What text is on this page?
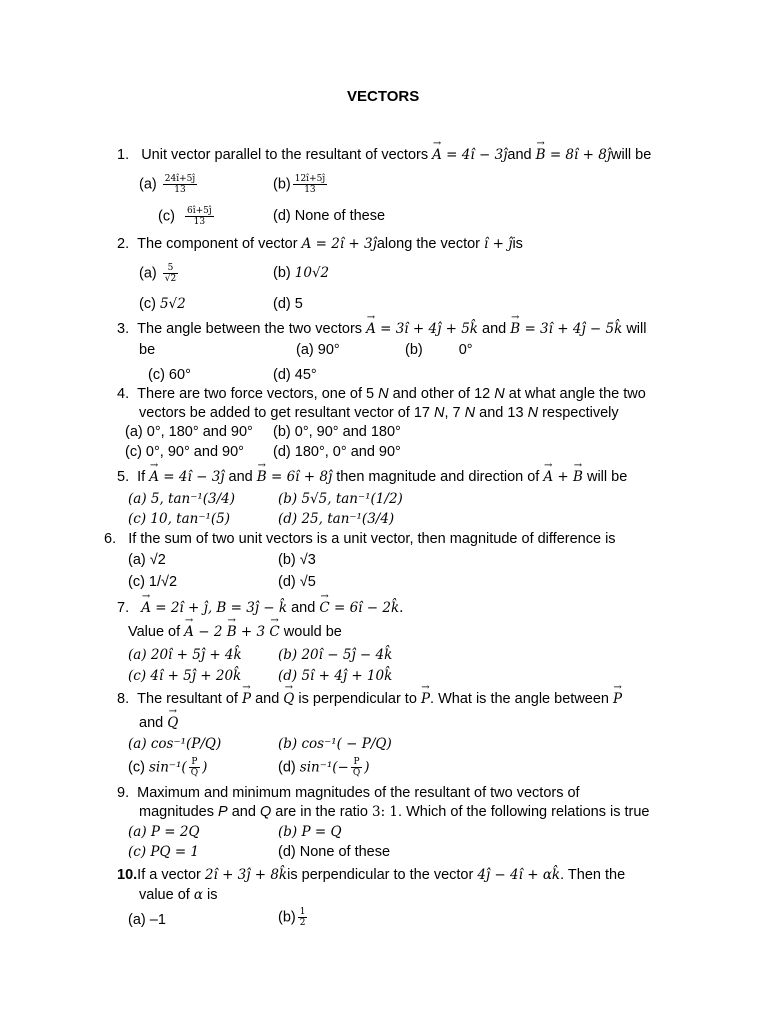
VECTORS
1. Unit vector parallel to the resultant of vectors → A = 4î − 3ĵand → B = 8î + 8ĵwill be
$(a) \frac{24î+5ĵ}{13}$	$(b) \frac{12î+5ĵ}{13}$
$(c) \frac{6î+5ĵ}{13}$	(d) None of these
2. The component of vector A = 2î + 3ĵalong the vector î + ĵis
$(a) \frac{5}{√2}$	(b) 10√2
(c) 5√2	(d) 5
3. The angle between the two vectors → A = 3î + 4ĵ + 5k̂ and → B = 3î + 4ĵ − 5k̂ will
be	(a) 90°	(b) 0°
(c) 60°	(d) 45°
4. There are two force vectors, one of 5 N and other of 12 N at what angle the two
vectors be added to get resultant vector of 17 N, 7 N and 13 N respectively
(a) 0°, 180° and 90° (b) 0°, 90° and 180°
(c) 0°, 90° and 90° (d) 180°, 0° and 90°
5. If → A = 4î − 3ĵ and → B = 6î + 8ĵ then magnitude and direction of → A + → B will be
(a) 5, tan⁻¹(3/4)	(b) 5√5, tan⁻¹(1/2)
(c) 10, tan⁻¹(5)	(d) 25, tan⁻¹(3/4)
6. If the sum of two unit vectors is a unit vector, then magnitude of difference is
(a) √2	(b) √3
(c) 1/√2	(d) √5
7. → A = 2î + ĵ, B = 3ĵ − k̂ and → C = 6î − 2k̂.
Value of → A − 2 → B + 3 → C would be
(a) 20î + 5ĵ + 4k̂	(b) 20î − 5ĵ − 4k̂
(c) 4î + 5ĵ + 20k̂	(d) 5î + 4ĵ + 10k̂
8. The resultant of → P and → Q is perpendicular to → P. What is the angle between → P
and → Q
(a) cos⁻¹(P/Q)	(b) cos⁻¹( − P/Q)
(c) $\sin^{-1}( \frac{P}{Q}$ )	(d) $\sin^{-1}(- \frac{P}{Q}$ )
9. Maximum and minimum magnitudes of the resultant of two vectors of
magnitudes P and Q are in the ratio 3: 1. Which of the following relations is true
(a) P = 2Q	(b) P = Q
(c) PQ = 1	(d) None of these
10.If a vector 2î + 3ĵ + 8k̂is perpendicular to the vector 4ĵ − 4î + αk̂. Then the
value of α is
(a) –1	$(b) \frac{1}{2}$
